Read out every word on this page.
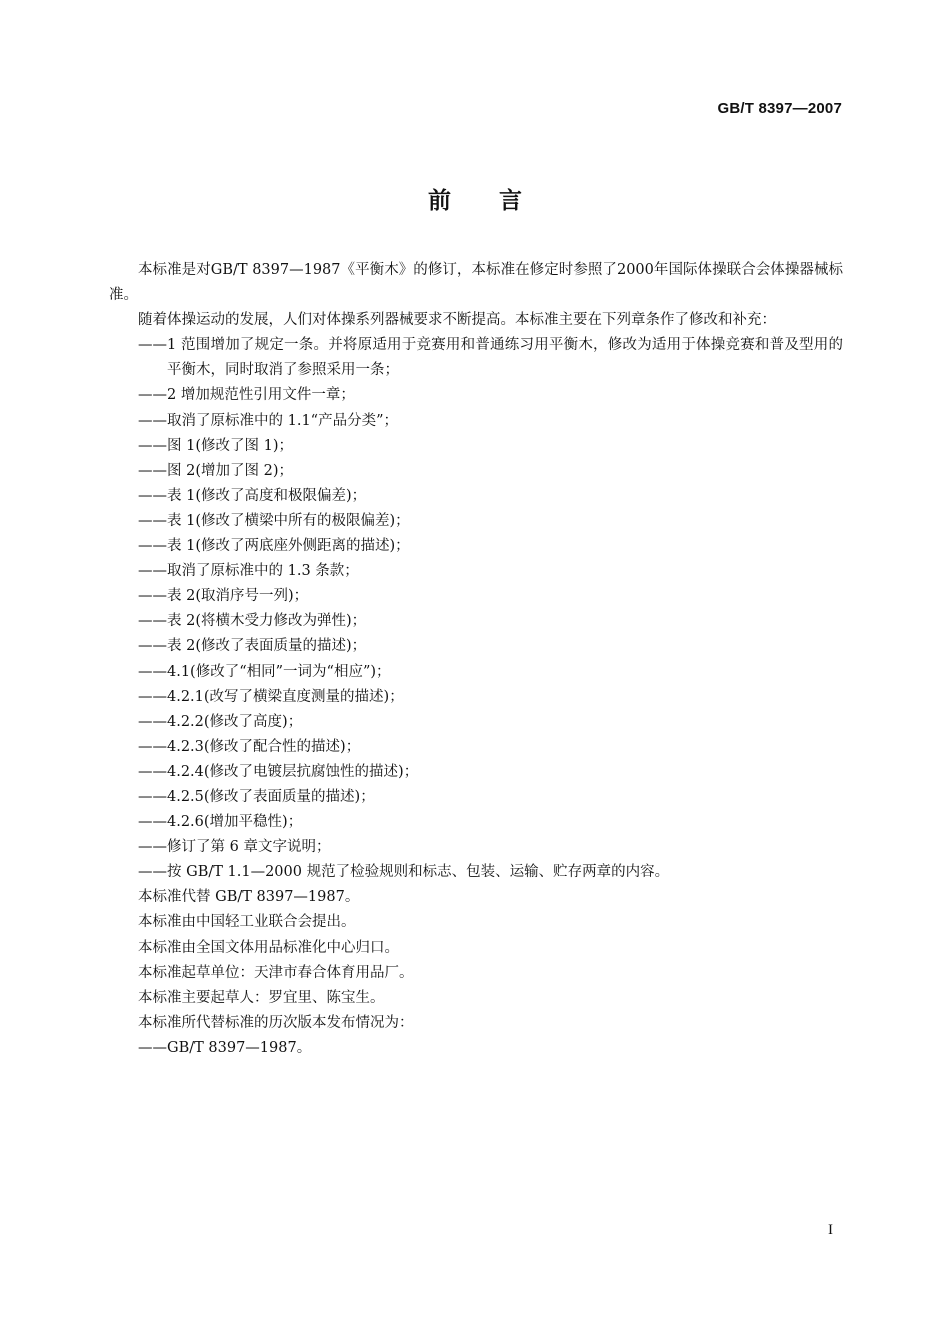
GB/T 8397—2007
前言

本标准是对GB/T 8397—1987《平衡木》的修订，本标准在修定时参照了2000年国际体操联合会体操器械标准。

随着体操运动的发展，人们对体操系列器械要求不断提高。本标准主要在下列章条作了修改和补充：

——1 范围增加了规定一条。并将原适用于竞赛用和普通练习用平衡木，修改为适用于体操竞赛和普及型用的平衡木，同时取消了参照采用一条；

——2 增加规范性引用文件一章；

——取消了原标准中的 1.1“产品分类”；

——图 1(修改了图 1)；

——图 2(增加了图 2)；

——表 1(修改了高度和极限偏差)；

——表 1(修改了横梁中所有的极限偏差)；

——表 1(修改了两底座外侧距离的描述)；

——取消了原标准中的 1.3 条款；

——表 2(取消序号一列)；

——表 2(将横木受力修改为弹性)；

——表 2(修改了表面质量的描述)；

——4.1(修改了“相同”一词为“相应”)；

——4.2.1(改写了横梁直度测量的描述)；

——4.2.2(修改了高度)；

——4.2.3(修改了配合性的描述)；

——4.2.4(修改了电镀层抗腐蚀性的描述)；

——4.2.5(修改了表面质量的描述)；

——4.2.6(增加平稳性)；

——修订了第 6 章文字说明；

——按 GB/T 1.1—2000 规范了检验规则和标志、包装、运输、贮存两章的内容。

本标准代替 GB/T 8397—1987。

本标准由中国轻工业联合会提出。

本标准由全国文体用品标准化中心归口。

本标准起草单位：天津市春合体育用品厂。

本标准主要起草人：罗宜里、陈宝生。

本标准所代替标准的历次版本发布情况为：

——GB/T 8397—1987。

I
